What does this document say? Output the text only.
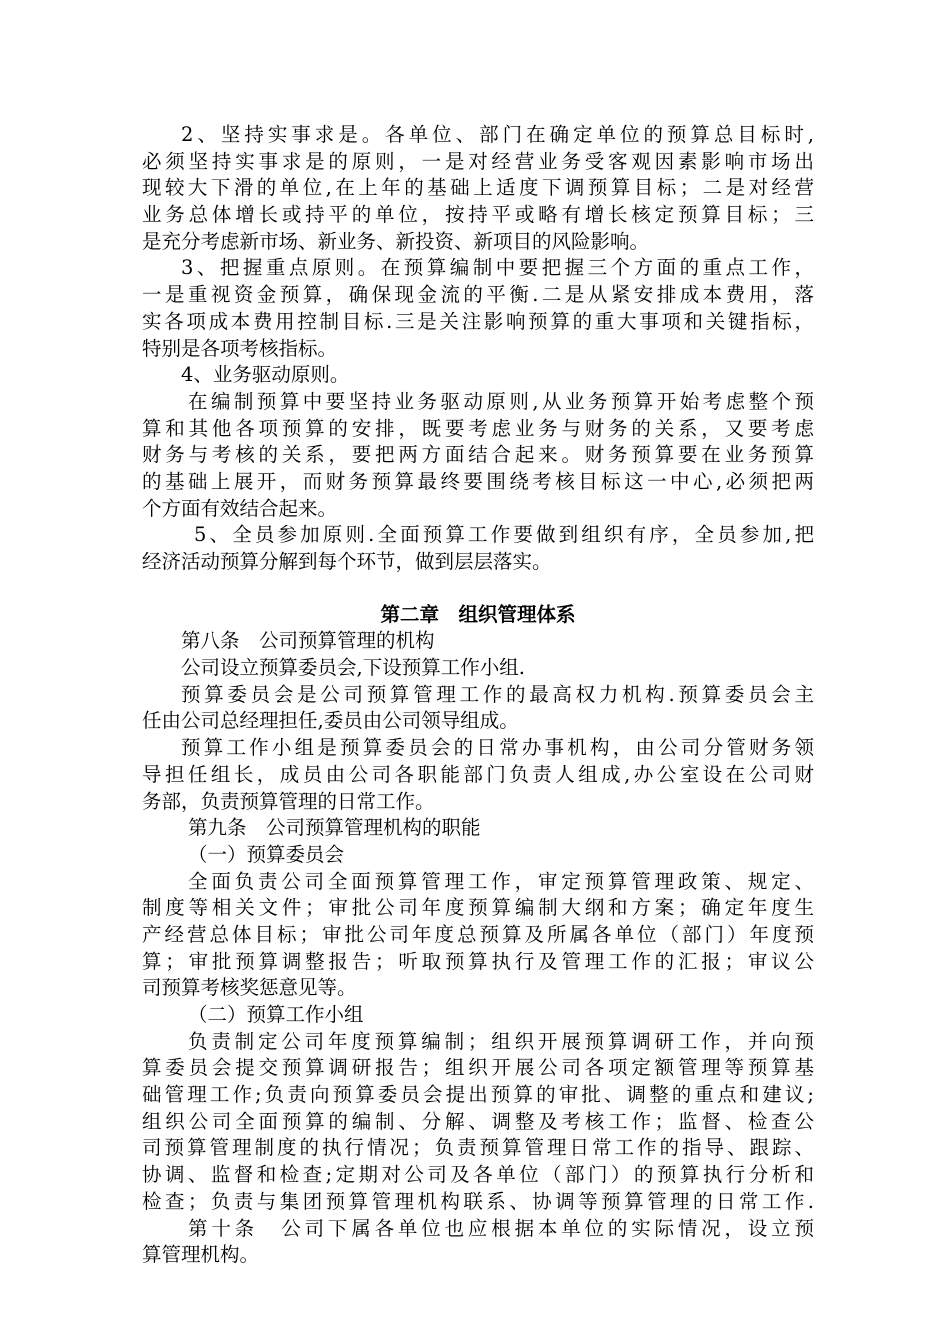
2、坚持实事求是。各单位、部门在确定单位的预算总目标时,
必须坚持实事求是的原则，一是对经营业务受客观因素影响市场出
现较大下滑的单位,在上年的基础上适度下调预算目标；二是对经营
业务总体增长或持平的单位，按持平或略有增长核定预算目标；三
是充分考虑新市场、新业务、新投资、新项目的风险影响。
3、把握重点原则。在预算编制中要把握三个方面的重点工作，
一是重视资金预算，确保现金流的平衡.二是从紧安排成本费用，落
实各项成本费用控制目标.三是关注影响预算的重大事项和关键指标，
特别是各项考核指标。
4、业务驱动原则。
在编制预算中要坚持业务驱动原则,从业务预算开始考虑整个预
算和其他各项预算的安排，既要考虑业务与财务的关系，又要考虑
财务与考核的关系，要把两方面结合起来。财务预算要在业务预算
的基础上展开，而财务预算最终要围绕考核目标这一中心,必须把两
个方面有效结合起来。
5、全员参加原则.全面预算工作要做到组织有序，全员参加,把
经济活动预算分解到每个环节，做到层层落实。
第二章　组织管理体系
第八条　公司预算管理的机构
公司设立预算委员会,下设预算工作小组.
预算委员会是公司预算管理工作的最高权力机构.预算委员会主
任由公司总经理担任,委员由公司领导组成。
预算工作小组是预算委员会的日常办事机构，由公司分管财务领
导担任组长，成员由公司各职能部门负责人组成,办公室设在公司财
务部，负责预算管理的日常工作。
第九条　公司预算管理机构的职能
（一）预算委员会
全面负责公司全面预算管理工作，审定预算管理政策、规定、
制度等相关文件；审批公司年度预算编制大纲和方案；确定年度生
产经营总体目标；审批公司年度总预算及所属各单位（部门）年度预
算；审批预算调整报告；听取预算执行及管理工作的汇报；审议公
司预算考核奖惩意见等。
（二）预算工作小组
负责制定公司年度预算编制；组织开展预算调研工作，并向预
算委员会提交预算调研报告；组织开展公司各项定额管理等预算基
础管理工作;负责向预算委员会提出预算的审批、调整的重点和建议;
组织公司全面预算的编制、分解、调整及考核工作；监督、检查公
司预算管理制度的执行情况；负责预算管理日常工作的指导、跟踪、
协调、监督和检查;定期对公司及各单位（部门）的预算执行分析和
检查；负责与集团预算管理机构联系、协调等预算管理的日常工作.
第十条　公司下属各单位也应根据本单位的实际情况，设立预
算管理机构。
